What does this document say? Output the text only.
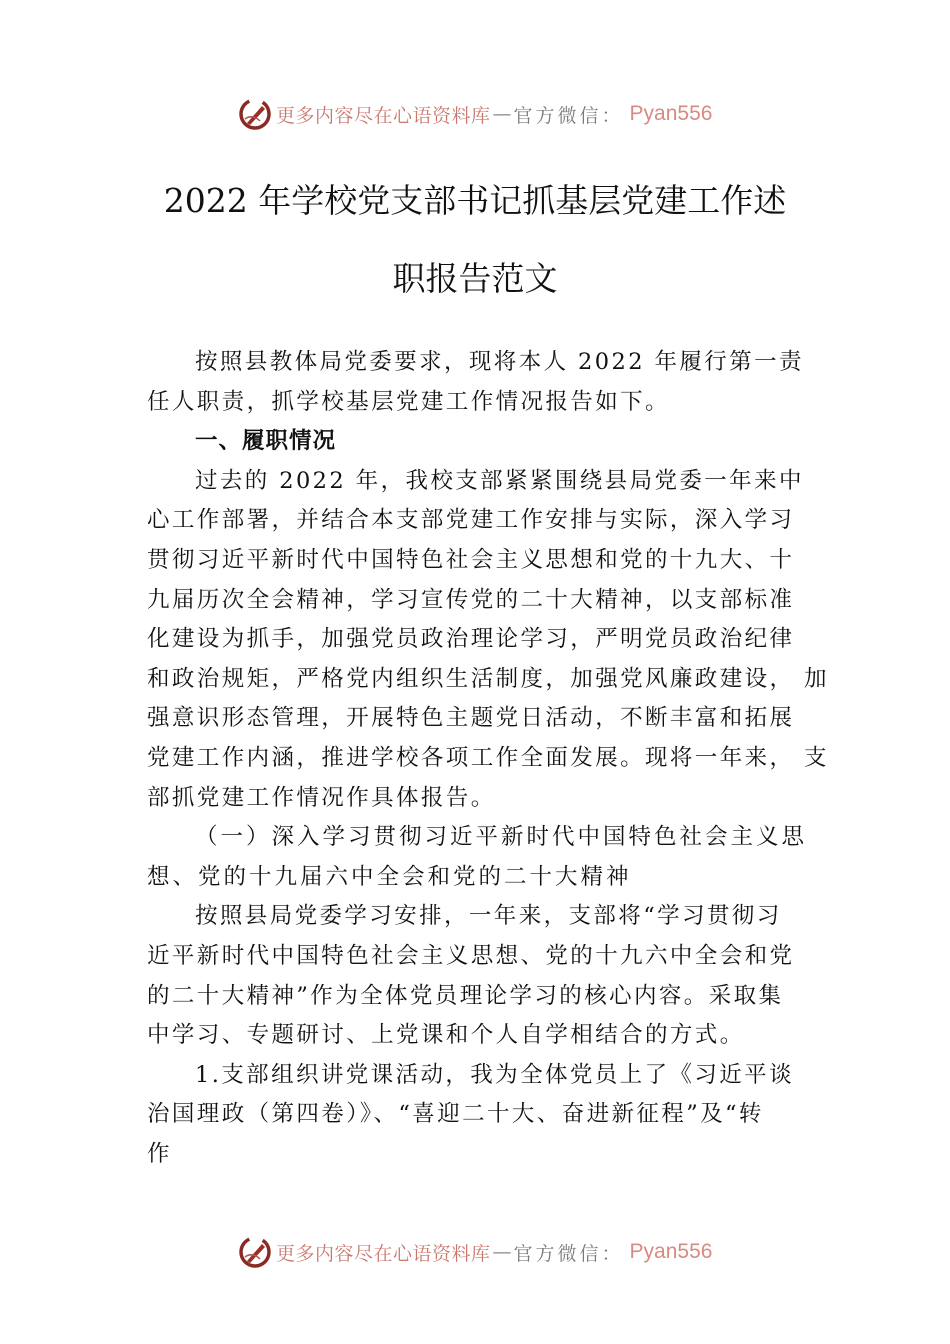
更多内容尽在心语资料库 — 官方微信： Pyan556
2022 年学校党支部书记抓基层党建工作述
职报告范文
按照县教体局党委要求，现将本人 2022 年履行第一责
任人职责，抓学校基层党建工作情况报告如下。
一、履职情况
过去的 2022 年，我校支部紧紧围绕县局党委一年来中
心工作部署，并结合本支部党建工作安排与实际，深入学习
贯彻习近平新时代中国特色社会主义思想和党的十九大、十
九届历次全会精神，学习宣传党的二十大精神，以支部标准
化建设为抓手，加强党员政治理论学习，严明党员政治纪律
和政治规矩，严格党内组织生活制度，加强党风廉政建设， 加
强意识形态管理，开展特色主题党日活动，不断丰富和拓展
党建工作内涵，推进学校各项工作全面发展。现将一年来， 支
部抓党建工作情况作具体报告。
（一）深入学习贯彻习近平新时代中国特色社会主义思
想、党的十九届六中全会和党的二十大精神
按照县局党委学习安排，一年来，支部将“学习贯彻习
近平新时代中国特色社会主义思想、党的十九六中全会和党
的二十大精神”作为全体党员理论学习的核心内容。采取集
中学习、专题研讨、上党课和个人自学相结合的方式。
1.支部组织讲党课活动，我为全体党员上了《习近平谈
治国理政（第四卷）》、“喜迎二十大、奋进新征程”及“转
作
更多内容尽在心语资料库 — 官方微信： Pyan556
